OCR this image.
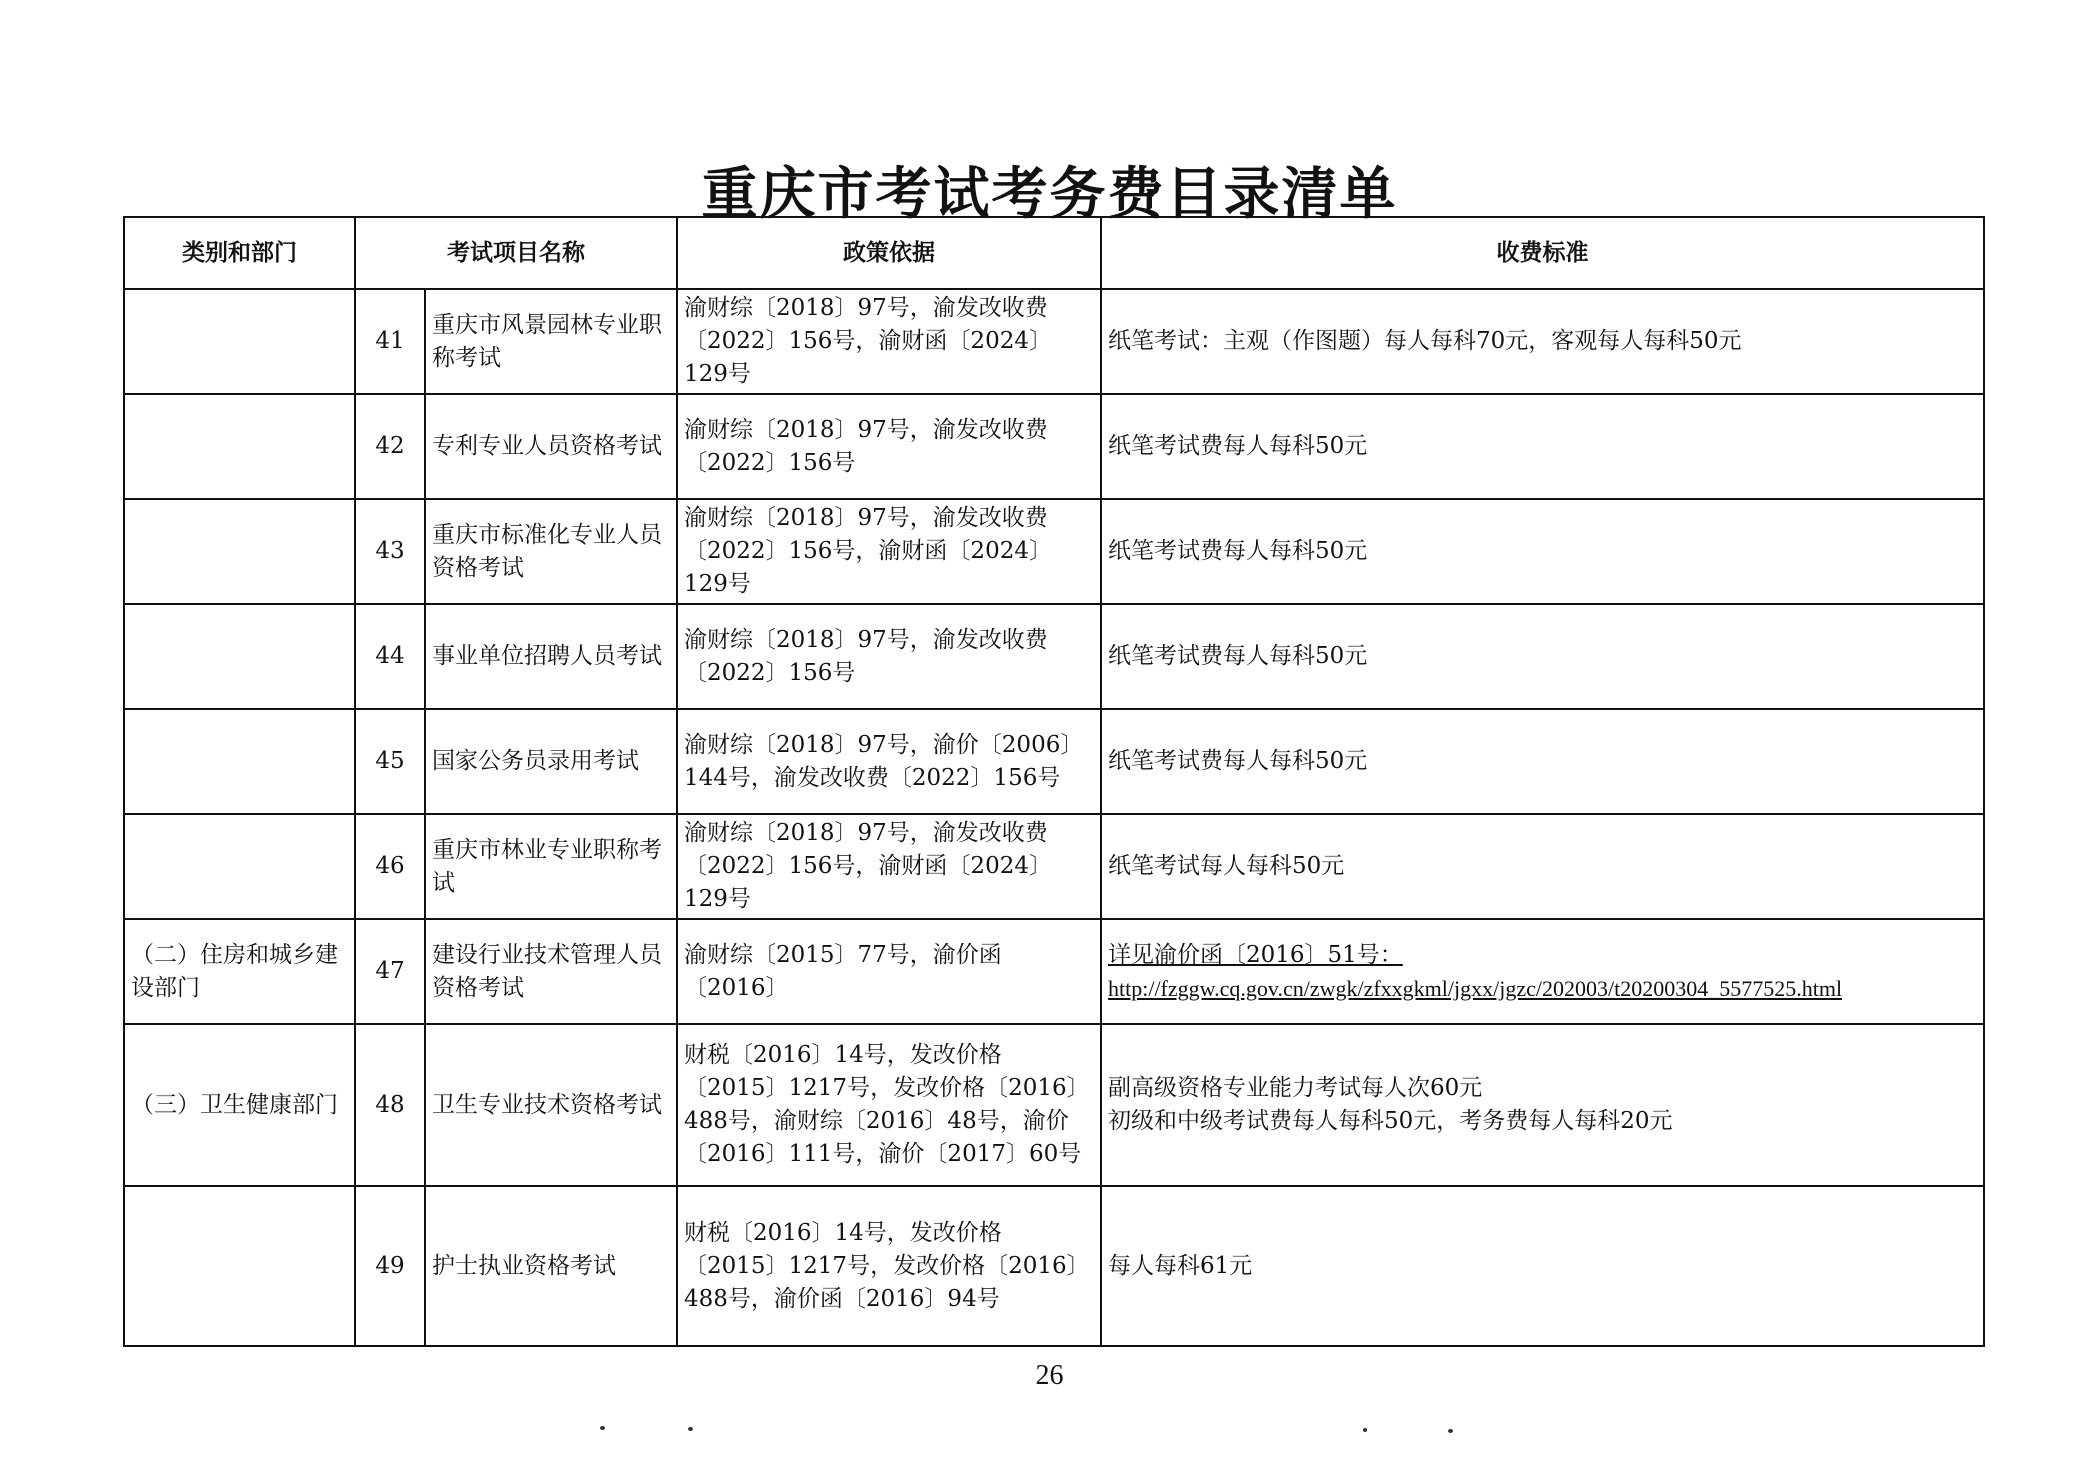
重庆市考试考务费目录清单
类别和部门	考试项目名称		政策依据	收费标准
	41	重庆市风景园林专业职称考试	渝财综〔2018〕97号，渝发改收费〔2022〕156号，渝财函〔2024〕129号	纸笔考试：主观（作图题）每人每科70元，客观每人每科50元
	42	专利专业人员资格考试	渝财综〔2018〕97号，渝发改收费〔2022〕156号	纸笔考试费每人每科50元
	43	重庆市标准化专业人员资格考试	渝财综〔2018〕97号，渝发改收费〔2022〕156号，渝财函〔2024〕129号	纸笔考试费每人每科50元
	44	事业单位招聘人员考试	渝财综〔2018〕97号，渝发改收费〔2022〕156号	纸笔考试费每人每科50元
	45	国家公务员录用考试	渝财综〔2018〕97号，渝价〔2006〕144号，渝发改收费〔2022〕156号	纸笔考试费每人每科50元
	46	重庆市林业专业职称考试	渝财综〔2018〕97号，渝发改收费〔2022〕156号，渝财函〔2024〕129号	纸笔考试每人每科50元
（二）住房和城乡建设部门	47	建设行业技术管理人员资格考试	渝财综〔2015〕77号，渝价函〔2016〕	详见渝价函〔2016〕51号：
http://fzggw.cq.gov.cn/zwgk/zfxxgkml/jgxx/jgzc/202003/t20200304_5577525.html

（三）卫生健康部门	48	卫生专业技术资格考试	财税〔2016〕14号，发改价格〔2015〕1217号，发改价格〔2016〕488号，渝财综〔2016〕48号，渝价〔2016〕111号，渝价〔2017〕60号	副高级资格专业能力考试每人次60元
初级和中级考试费每人每科50元，考务费每人每科20元

	49	护士执业资格考试	财税〔2016〕14号，发改价格〔2015〕1217号，发改价格〔2016〕488号，渝价函〔2016〕94号	每人每科61元
26
